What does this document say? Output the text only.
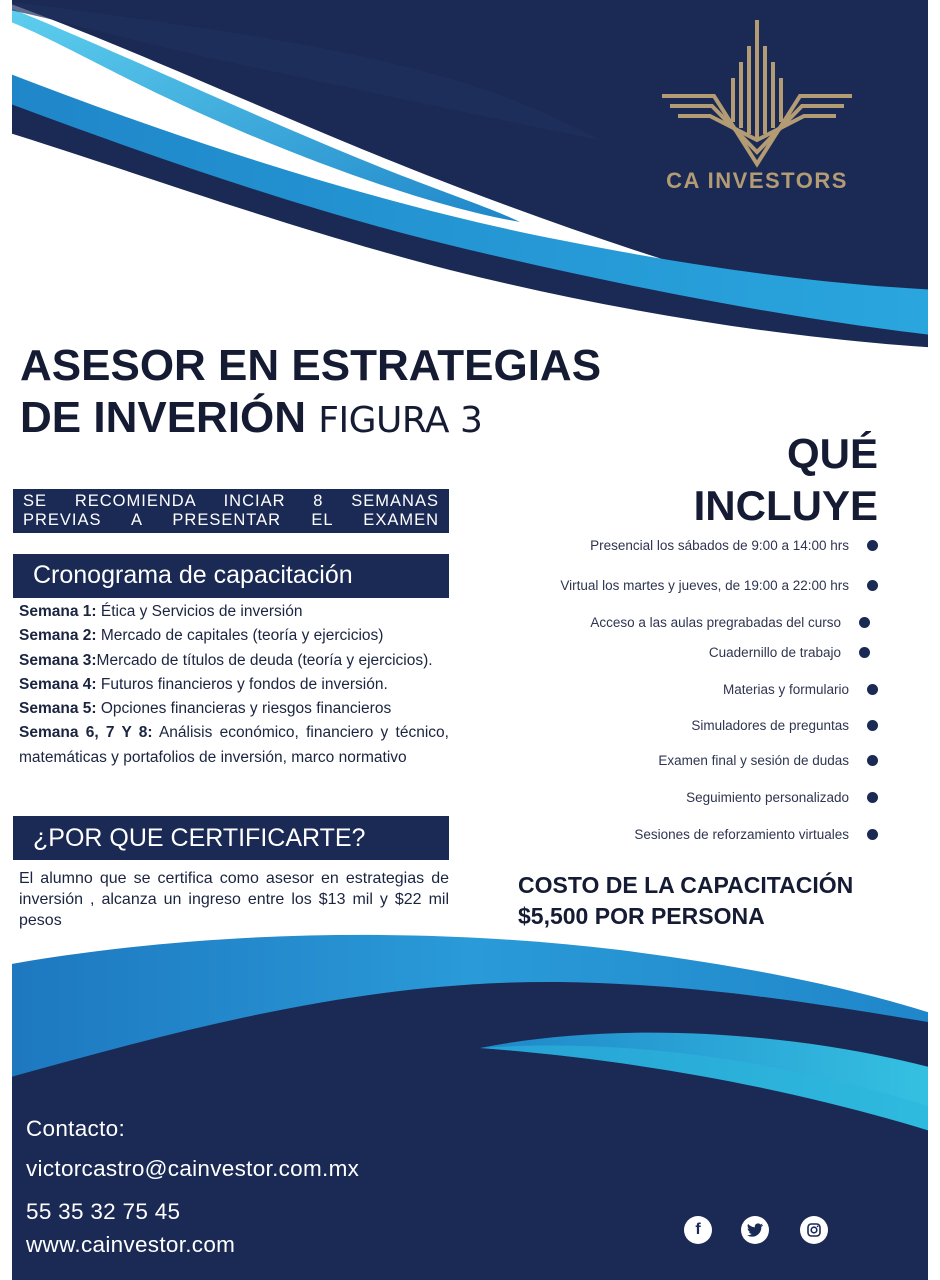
CA INVESTORS
ASESOR EN ESTRATEGIAS
DE INVERIÓN FIGURA 3
SE RECOMIENDA INCIAR 8 SEMANAS
PREVIAS A PRESENTAR EL EXAMEN
Cronograma de capacitación
Semana 1: Ética y Servicios de inversión
Semana 2: Mercado de capitales (teoría y ejercicios)
Semana 3:Mercado de títulos de deuda (teoría y ejercicios).
Semana 4: Futuros financieros y fondos de inversión.
Semana 5: Opciones financieras y riesgos financieros
Semana 6, 7 Y 8: Análisis económico, financiero y técnico, matemáticas y portafolios de inversión, marco normativo
¿POR QUE CERTIFICARTE?
El alumno que se certifica como asesor en estrategias de inversión , alcanza un ingreso entre los $13 mil y $22 mil pesos
QUÉ
INCLUYE
Presencial los sábados de 9:00 a 14:00 hrs
Virtual los martes y jueves, de 19:00 a 22:00 hrs
Acceso a las aulas pregrabadas del curso
Cuadernillo de trabajo
Materias y formulario
Simuladores de preguntas
Examen final y sesión de dudas
Seguimiento personalizado
Sesiones de reforzamiento virtuales
COSTO DE LA CAPACITACIÓN
$5,500 POR PERSONA
Contacto:
victorcastro@cainvestor.com.mx
55 35 32 75 45
www.cainvestor.com
f
